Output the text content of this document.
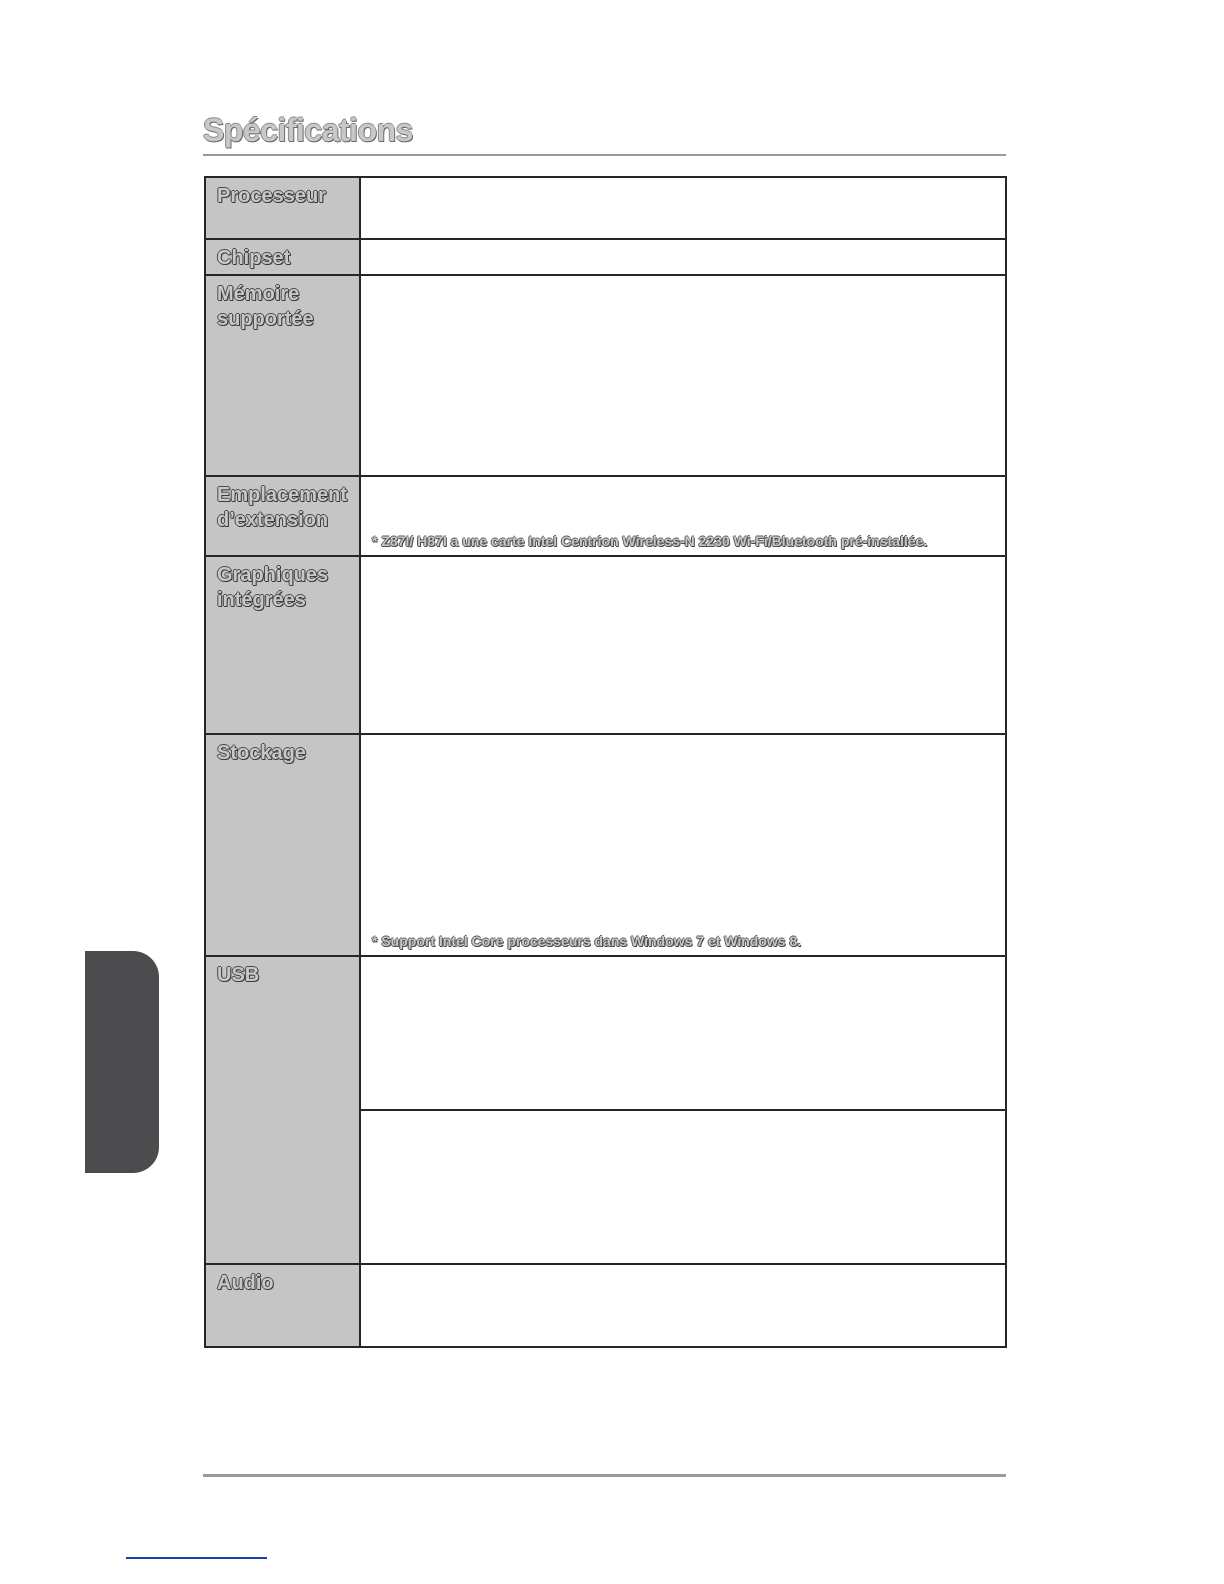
Spécifications
Processeur	

Chipset	

Mémoire
supportée	

Emplacement
d’extension	* Z87I/ H87I a une carte Intel Centrion Wireless-N 2230 Wi-Fi/Bluetooth pré-installée.

Graphiques
intégrées	

Stockage	* Support Intel Core processeurs dans Windows 7 et Windows 8.

USB	

Audio	
